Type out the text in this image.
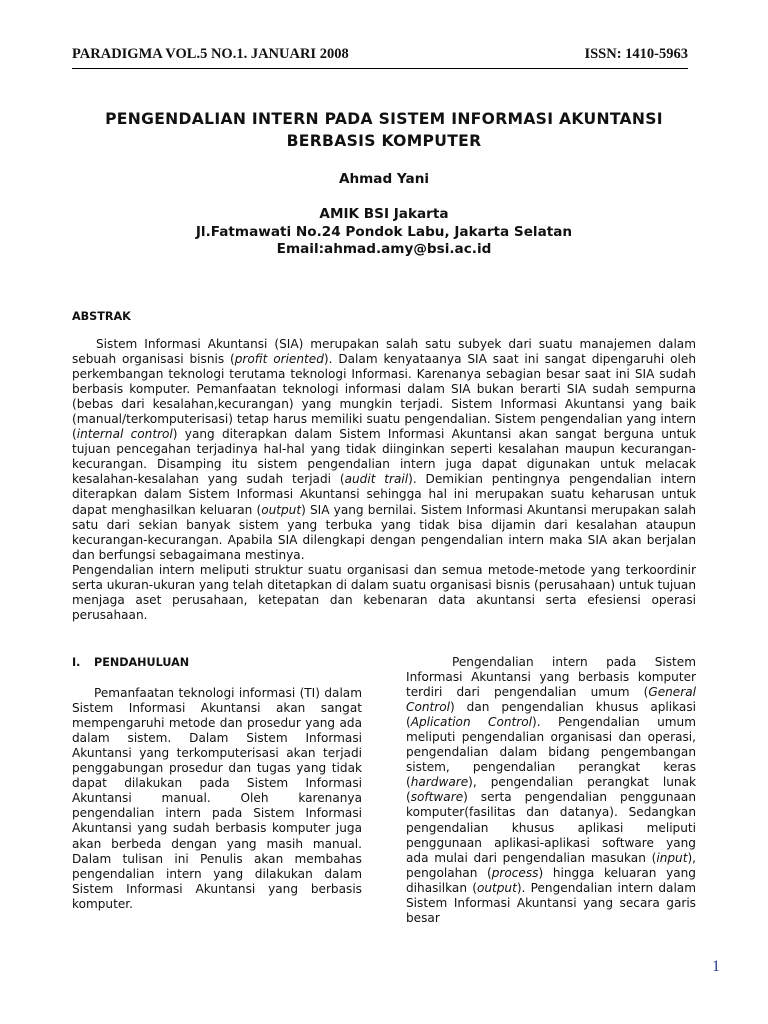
PARADIGMA VOL.5 NO.1. JANUARI 2008	ISSN: 1410-5963
PENGENDALIAN INTERN PADA SISTEM INFORMASI AKUNTANSI
BERBASIS KOMPUTER
Ahmad Yani
AMIK BSI Jakarta
Jl.Fatmawati No.24 Pondok Labu, Jakarta Selatan
Email:ahmad.amy@bsi.ac.id
ABSTRAK

Sistem Informasi Akuntansi (SIA) merupakan salah satu subyek dari suatu manajemen dalam sebuah organisasi bisnis (profit oriented). Dalam kenyataanya SIA saat ini sangat dipengaruhi oleh perkembangan teknologi terutama teknologi Informasi. Karenanya sebagian besar saat ini SIA sudah berbasis komputer. Pemanfaatan teknologi informasi dalam SIA bukan berarti SIA sudah sempurna (bebas dari kesalahan,kecurangan) yang mungkin terjadi. Sistem Informasi Akuntansi yang baik (manual/terkomputerisasi) tetap harus memiliki suatu pengendalian. Sistem pengendalian yang intern (internal control) yang diterapkan dalam Sistem Informasi Akuntansi akan sangat berguna untuk tujuan pencegahan terjadinya hal-hal yang tidak diinginkan seperti kesalahan maupun kecurangan-kecurangan. Disamping itu sistem pengendalian intern juga dapat digunakan untuk melacak kesalahan-kesalahan yang sudah terjadi (audit trail). Demikian pentingnya pengendalian intern diterapkan dalam Sistem Informasi Akuntansi sehingga hal ini merupakan suatu keharusan untuk dapat menghasilkan keluaran (output) SIA yang bernilai. Sistem Informasi Akuntansi merupakan salah satu dari sekian banyak sistem yang terbuka yang tidak bisa dijamin dari kesalahan ataupun kecurangan-kecurangan. Apabila SIA dilengkapi dengan pengendalian intern maka SIA akan berjalan dan berfungsi sebagaimana mestinya.

Pengendalian intern meliputi struktur suatu organisasi dan semua metode-metode yang terkoordinir serta ukuran-ukuran yang telah ditetapkan di dalam suatu organisasi bisnis (perusahaan) untuk tujuan menjaga aset perusahaan, ketepatan dan kebenaran data akuntansi serta efesiensi operasi perusahaan.

I. PENDAHULUAN

Pemanfaatan teknologi informasi (TI) dalam Sistem Informasi Akuntansi akan sangat mempengaruhi metode dan prosedur yang ada dalam sistem. Dalam Sistem Informasi Akuntansi yang terkomputerisasi akan terjadi penggabungan prosedur dan tugas yang tidak dapat dilakukan pada Sistem Informasi Akuntansi manual. Oleh karenanya pengendalian intern pada Sistem Informasi Akuntansi yang sudah berbasis komputer juga akan berbeda dengan yang masih manual. Dalam tulisan ini Penulis akan membahas pengendalian intern yang dilakukan dalam Sistem Informasi Akuntansi yang berbasis komputer.

Pengendalian intern pada Sistem Informasi Akuntansi yang berbasis komputer terdiri dari pengendalian umum (General Control) dan pengendalian khusus aplikasi (Aplication Control). Pengendalian umum meliputi pengendalian organisasi dan operasi, pengendalian dalam bidang pengembangan sistem, pengendalian perangkat keras (hardware), pengendalian perangkat lunak (software) serta pengendalian penggunaan komputer(fasilitas dan datanya). Sedangkan pengendalian khusus aplikasi meliputi penggunaan aplikasi-aplikasi software yang ada mulai dari pengendalian masukan (input), pengolahan (process) hingga keluaran yang dihasilkan (output). Pengendalian intern dalam Sistem Informasi Akuntansi yang secara garis besar

1
